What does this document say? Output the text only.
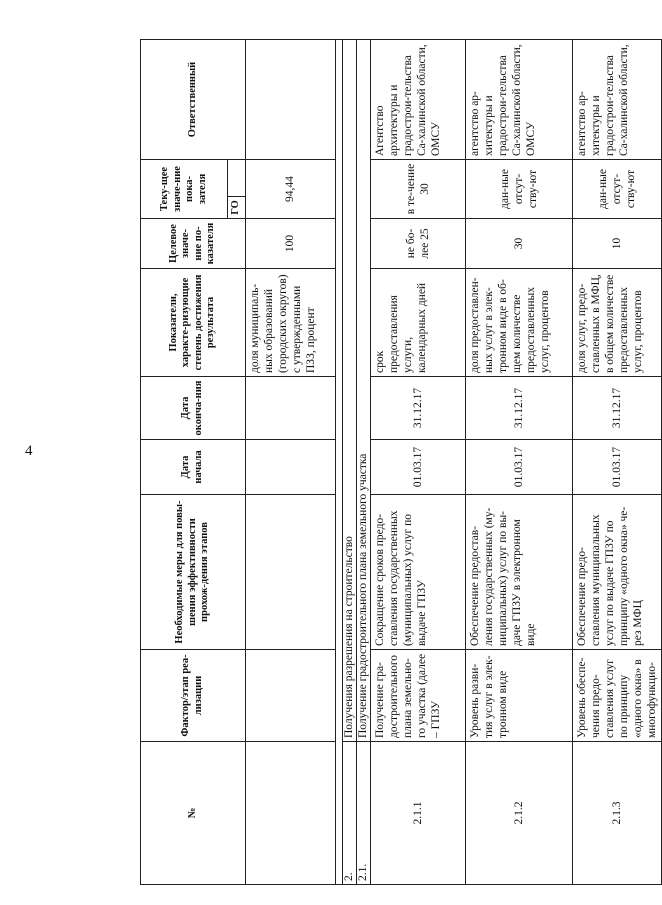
4
№	Фактор/этап реа-лизации	Необходимые меры для повы-шения эффективности прохож-дения этапов	Дата начала	Дата оконча-ния	Показатели, характе-ризующие степень достижения результата	Целевое значе-ние по-казателя	Теку-щее значе-ние пока-зателя		Ответственный
							ГО		
					доля муниципаль-ных образований (городских округов) с утвержденными ПЗЗ, процент	100	94,44		

2.	Получения разрешения на строительство								
2.1.	Получение градостроительного плана земельного участка								
2.1.1	Получение гра-достроительного плана земельно-го участка (далее – ГПЗУ	Сокращение сроков предо-ставления государственных (муниципальных) услуг по выдаче ГПЗУ	01.03.17	31.12.17	срок предоставления услуги, календарных дней	не бо-лее 25	в те-чение 30		Агентство архитектуры и градострои-тельства Са-халинской области, ОМСУ
2.1.2	Уровень разви-тия услуг в элек-тронном виде	Обеспечение предостав-ления государственных (му-ниципальных) услуг по вы-даче ГПЗУ в электронном виде	01.03.17	31.12.17	доля предоставлен-ных услуг в элек-тронном виде в об-щем количестве предоставленных услуг, процентов	30	дан-ные отсут-ству-ют		агентство ар-хитектуры и градострои-тельства Са-халинской области, ОМСУ
2.1.3	Уровень обеспе-чения предо-ставления услуг по принципу «одного окна» в многофункцио-	Обеспечение предо-ставления муниципальных услуг по выдаче ГПЗУ по принципу «одного окна» че-рез МФЦ	01.03.17	31.12.17	доля услуг, предо-ставленных в МФЦ, в общем количестве предоставленных услуг, процентов	10	дан-ные отсут-ству-ют		агентство ар-хитектуры и градострои-тельства Са-халинской области,
